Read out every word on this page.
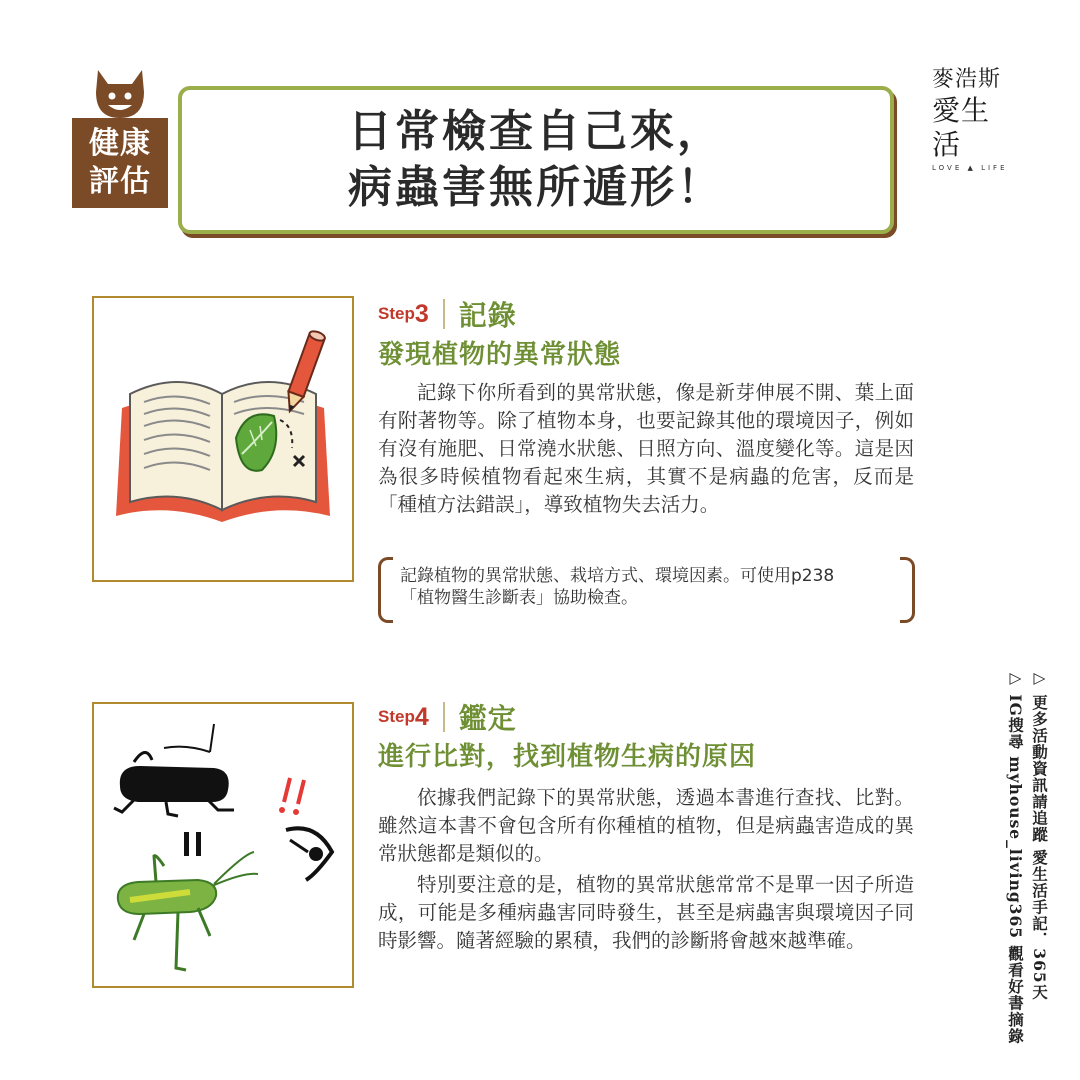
健康
評估
日常檢查自己來，
病蟲害無所遁形！
麥浩斯
愛生活
LOVE ▲ LIFE
Step 3 記錄
發現植物的異常狀態

記錄下你所看到的異常狀態，像是新芽伸展不開、葉上面有附著物等。除了植物本身，也要記錄其他的環境因子，例如有沒有施肥、日常澆水狀態、日照方向、溫度變化等。這是因為很多時候植物看起來生病，其實不是病蟲的危害，反而是「種植方法錯誤」，導致植物失去活力。

記錄植物的異常狀態、栽培方式、環境因素。可使用p238
「植物醫生診斷表」協助檢查。
Step 4 鑑定
進行比對，找到植物生病的原因

依據我們記錄下的異常狀態，透過本書進行查找、比對。雖然這本書不會包含所有你種植的植物，但是病蟲害造成的異常狀態都是類似的。

特別要注意的是，植物的異常狀態常常不是單一因子所造成，可能是多種病蟲害同時發生，甚至是病蟲害與環境因子同時影響。隨著經驗的累積，我們的診斷將會越來越準確。	▷ 更多活動資訊請追蹤 愛生活手記．365天
▷ IG搜尋 myhouse_living365 觀看好書摘錄
